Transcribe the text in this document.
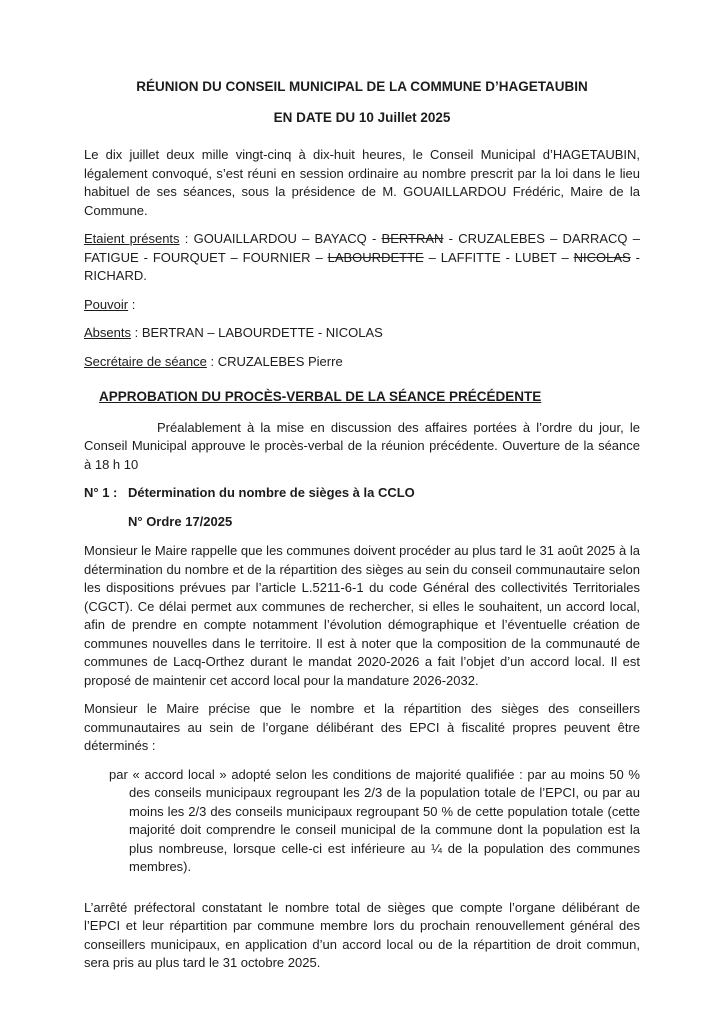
RÉUNION DU CONSEIL MUNICIPAL DE LA COMMUNE D’HAGETAUBIN
EN DATE DU 10 Juillet 2025

Le dix juillet deux mille vingt-cinq à dix-huit heures, le Conseil Municipal d’HAGETAUBIN, légalement convoqué, s’est réuni en session ordinaire au nombre prescrit par la loi dans le lieu habituel de ses séances, sous la présidence de M. GOUAILLARDOU Frédéric, Maire de la Commune.

Etaient présents : GOUAILLARDOU – BAYACQ - BERTRAN - CRUZALEBES – DARRACQ – FATIGUE - FOURQUET – FOURNIER – LABOURDETTE – LAFFITTE - LUBET – NICOLAS - RICHARD.

Pouvoir :

Absents : BERTRAN – LABOURDETTE - NICOLAS

Secrétaire de séance : CRUZALEBES Pierre

APPROBATION DU PROCÈS-VERBAL DE LA SÉANCE PRÉCÉDENTE

Préalablement à la mise en discussion des affaires portées à l’ordre du jour, le Conseil Municipal approuve le procès-verbal de la réunion précédente. Ouverture de la séance à 18 h 10

N° 1 : Détermination du nombre de sièges à la CCLO
N° Ordre 17/2025

Monsieur le Maire rappelle que les communes doivent procéder au plus tard le 31 août 2025 à la détermination du nombre et de la répartition des sièges au sein du conseil communautaire selon les dispositions prévues par l’article L.5211-6-1 du code Général des collectivités Territoriales (CGCT). Ce délai permet aux communes de rechercher, si elles le souhaitent, un accord local, afin de prendre en compte notamment l’évolution démographique et l’éventuelle création de communes nouvelles dans le territoire. Il est à noter que la composition de la communauté de communes de Lacq-Orthez durant le mandat 2020-2026 a fait l’objet d’un accord local. Il est proposé de maintenir cet accord local pour la mandature 2026-2032.

Monsieur le Maire précise que le nombre et la répartition des sièges des conseillers communautaires au sein de l’organe délibérant des EPCI à fiscalité propres peuvent être déterminés :

par « accord local » adopté selon les conditions de majorité qualifiée : par au moins 50 % des conseils municipaux regroupant les 2/3 de la population totale de l’EPCI, ou par au moins les 2/3 des conseils municipaux regroupant 50 % de cette population totale (cette majorité doit comprendre le conseil municipal de la commune dont la population est la plus nombreuse, lorsque celle-ci est inférieure au ¼ de la population des communes membres).

L’arrêté préfectoral constatant le nombre total de sièges que compte l’organe délibérant de l’EPCI et leur répartition par commune membre lors du prochain renouvellement général des conseillers municipaux, en application d’un accord local ou de la répartition de droit commun, sera pris au plus tard le 31 octobre 2025.
